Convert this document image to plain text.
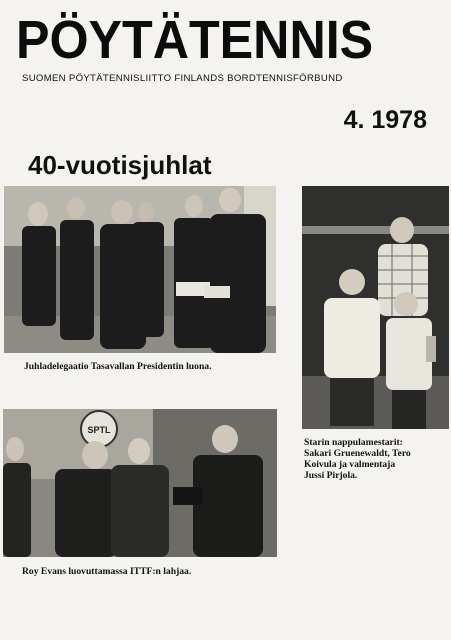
PÖYTÄTENNIS
SUOMEN PÖYTÄTENNISLIITTO FINLANDS BORDTENNISFÖRBUND
4. 1978
40-vuotisjuhlat
Juhladelegaatio Tasavallan Presidentin luona.
Starin nappulamestarit:
Sakari Gruenewaldt, Tero
Koivula ja valmentaja
Jussi Pirjola.
SPTL
Roy Evans luovuttamassa ITTF:n lahjaa.
